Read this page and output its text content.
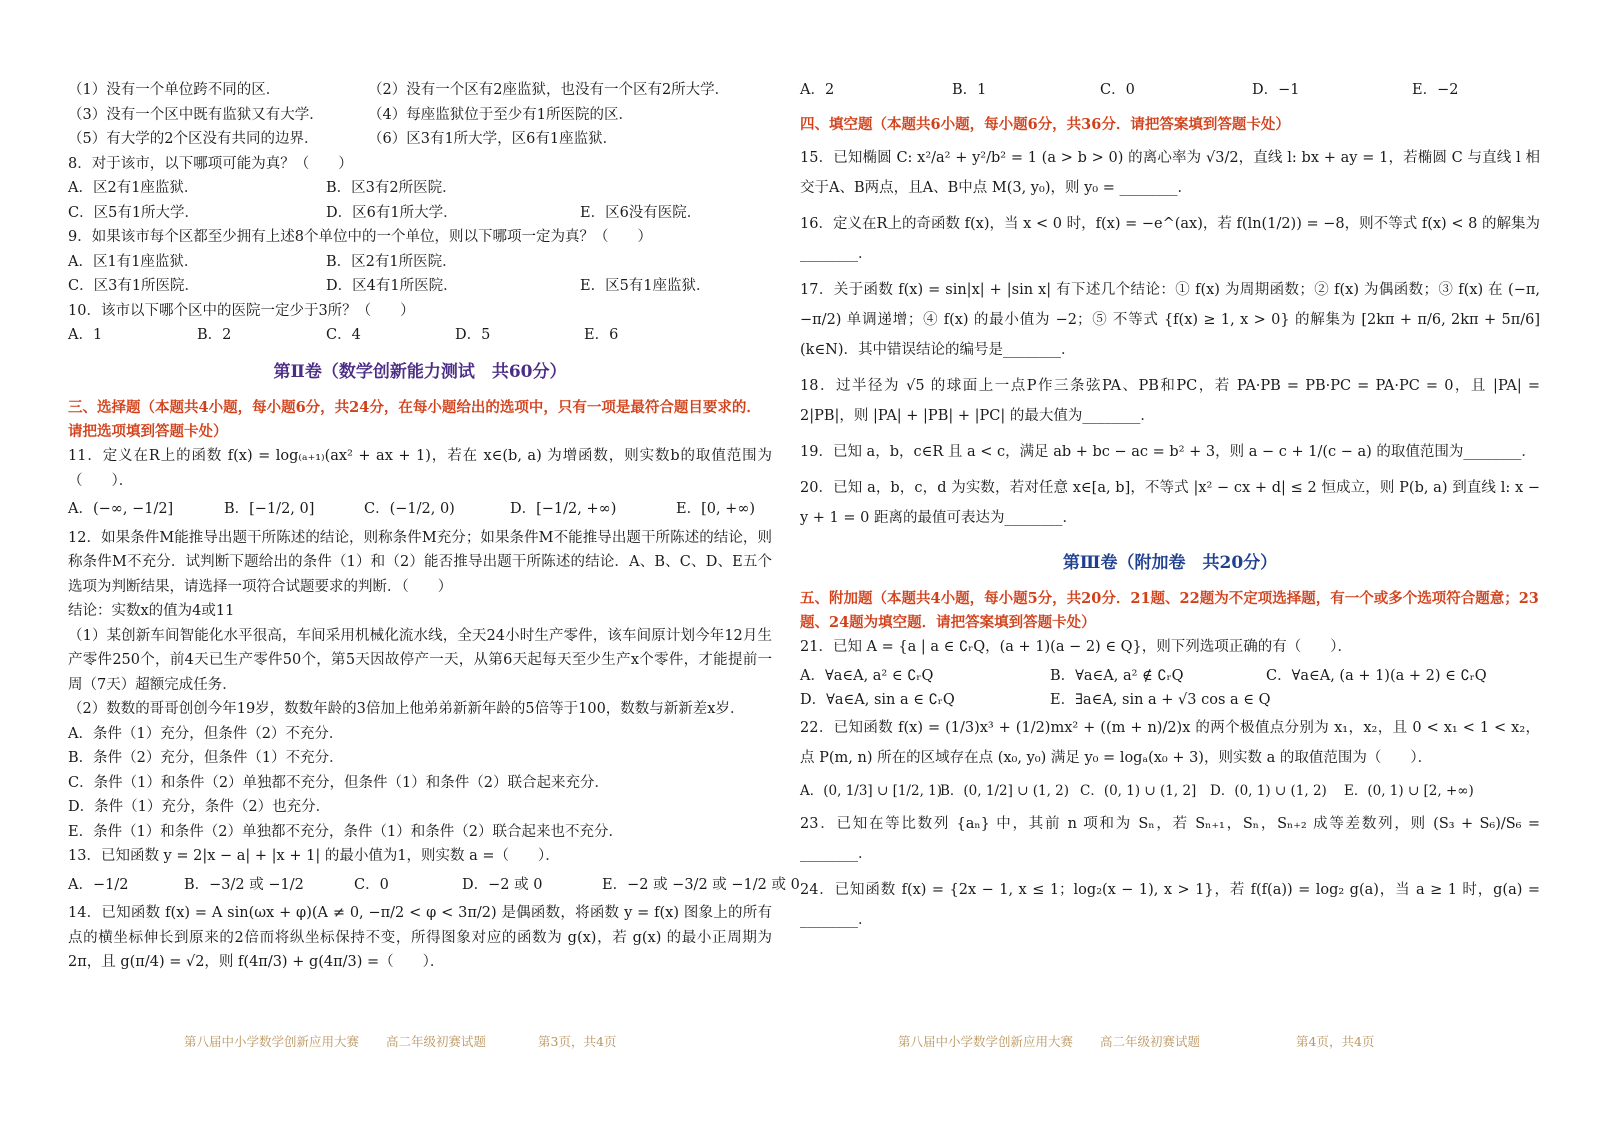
（1）没有一个单位跨不同的区．	（2）没有一个区有2座监狱，也没有一个区有2所大学．
（3）没有一个区中既有监狱又有大学．	（4）每座监狱位于至少有1所医院的区．
（5）有大学的2个区没有共同的边界．	（6）区3有1所大学，区6有1座监狱．
8．对于该市，以下哪项可能为真？（　　）
A．区2有1座监狱．	B．区3有2所医院．
C．区5有1所大学．	D．区6有1所大学．	E．区6没有医院．
9．如果该市每个区都至少拥有上述8个单位中的一个单位，则以下哪项一定为真？（　　）
A．区1有1座监狱．	B．区2有1所医院．
C．区3有1所医院．	D．区4有1所医院．	E．区5有1座监狱．
10．该市以下哪个区中的医院一定少于3所？（　　）
A．1	B．2	C．4	D．5	E．6
第Ⅱ卷（数学创新能力测试　共60分）
三、选择题（本题共4小题，每小题6分，共24分，在每小题给出的选项中，只有一项是最符合题目要求的．请把选项填到答题卡处）
11．定义在R上的函数 f(x) = log₍ₐ₊₁₎(ax² + ax + 1)，若在 x∈(b, a) 为增函数，则实数b的取值范围为（　　）．
A．(−∞, −1/2]	B．[−1/2, 0]	C．(−1/2, 0)	D．[−1/2, +∞)	E．[0, +∞)
12．如果条件M能推导出题干所陈述的结论，则称条件M充分；如果条件M不能推导出题干所陈述的结论，则称条件M不充分．试判断下题给出的条件（1）和（2）能否推导出题干所陈述的结论．A、B、C、D、E五个选项为判断结果，请选择一项符合试题要求的判断．（　　）
结论：实数x的值为4或11
（1）某创新车间智能化水平很高，车间采用机械化流水线，全天24小时生产零件，该车间原计划今年12月生产零件250个，前4天已生产零件50个，第5天因故停产一天，从第6天起每天至少生产x个零件，才能提前一周（7天）超额完成任务．
（2）数数的哥哥创创今年19岁，数数年龄的3倍加上他弟弟新新年龄的5倍等于100，数数与新新差x岁．
A．条件（1）充分，但条件（2）不充分．
B．条件（2）充分，但条件（1）不充分．
C．条件（1）和条件（2）单独都不充分，但条件（1）和条件（2）联合起来充分．
D．条件（1）充分，条件（2）也充分．
E．条件（1）和条件（2）单独都不充分，条件（1）和条件（2）联合起来也不充分．
13．已知函数 y = 2|x − a| + |x + 1| 的最小值为1，则实数 a =（　　）．
A．−1/2	B．−3/2 或 −1/2	C．0	D．−2 或 0	E．−2 或 −3/2 或 −1/2 或 0
14．已知函数 f(x) = A sin(ωx + φ)(A ≠ 0, −π/2 < φ < 3π/2) 是偶函数，将函数 y = f(x) 图象上的所有点的横坐标伸长到原来的2倍而将纵坐标保持不变，所得图象对应的函数为 g(x)，若 g(x) 的最小正周期为 2π，且 g(π/4) = √2，则 f(4π/3) + g(4π/3) =（　　）．
第八届中小学数学创新应用大赛 高二年级初赛试题	第3页，共4页
A．2	B．1	C．0	D．−1	E．−2
四、填空题（本题共6小题，每小题6分，共36分．请把答案填到答题卡处）
15．已知椭圆 C: x²/a² + y²/b² = 1 (a > b > 0) 的离心率为 √3/2，直线 l: bx + ay = 1，若椭圆 C 与直线 l 相交于A、B两点，且A、B中点 M(3, y₀)，则 y₀ = ________．
16．定义在R上的奇函数 f(x)，当 x < 0 时，f(x) = −e^(ax)，若 f(ln(1/2)) = −8，则不等式 f(x) < 8 的解集为________．
17．关于函数 f(x) = sin|x| + |sin x| 有下述几个结论：① f(x) 为周期函数；② f(x) 为偶函数；③ f(x) 在 (−π, −π/2) 单调递增；④ f(x) 的最小值为 −2；⑤ 不等式 {f(x) ≥ 1, x > 0} 的解集为 [2kπ + π/6, 2kπ + 5π/6] (k∈N)．其中错误结论的编号是________．
18．过半径为 √5 的球面上一点P作三条弦PA、PB和PC，若 PA·PB = PB·PC = PA·PC = 0，且 |PA| = 2|PB|，则 |PA| + |PB| + |PC| 的最大值为________．
19．已知 a，b，c∈R 且 a < c，满足 ab + bc − ac = b² + 3，则 a − c + 1/(c − a) 的取值范围为________．
20．已知 a，b，c，d 为实数，若对任意 x∈[a, b]，不等式 |x² − cx + d| ≤ 2 恒成立，则 P(b, a) 到直线 l: x − y + 1 = 0 距离的最值可表达为________．
第Ⅲ卷（附加卷　共20分）
五、附加题（本题共4小题，每小题5分，共20分．21题、22题为不定项选择题，有一个或多个选项符合题意；23题、24题为填空题．请把答案填到答题卡处）
21．已知 A = {a | a ∈ ∁ᵣQ，(a + 1)(a − 2) ∈ Q}，则下列选项正确的有（　　）．
A．∀a∈A, a² ∈ ∁ᵣQ	B．∀a∈A, a² ∉ ∁ᵣQ	C．∀a∈A, (a + 1)(a + 2) ∈ ∁ᵣQ
D．∀a∈A, sin a ∈ ∁ᵣQ	E．∃a∈A, sin a + √3 cos a ∈ Q
22．已知函数 f(x) = (1/3)x³ + (1/2)mx² + ((m + n)/2)x 的两个极值点分别为 x₁，x₂，且 0 < x₁ < 1 < x₂，点 P(m, n) 所在的区域存在点 (x₀, y₀) 满足 y₀ = logₐ(x₀ + 3)，则实数 a 的取值范围为（　　）．
A．(0, 1/3] ∪ [1/2, 1)
B．(0, 1/2] ∪ (1, 2) C．(0, 1) ∪ (1, 2]	D．(0, 1) ∪ (1, 2)	E．(0, 1) ∪ [2, +∞)
23．已知在等比数列 {aₙ} 中，其前 n 项和为 Sₙ，若 Sₙ₊₁，Sₙ，Sₙ₊₂ 成等差数列，则 (S₃ + S₆)/S₆ = ________．
24．已知函数 f(x) = {2x − 1, x ≤ 1；log₂(x − 1), x > 1}，若 f(f(a)) = log₂ g(a)，当 a ≥ 1 时，g(a) = ________．
第八届中小学数学创新应用大赛 高二年级初赛试题	第4页，共4页
